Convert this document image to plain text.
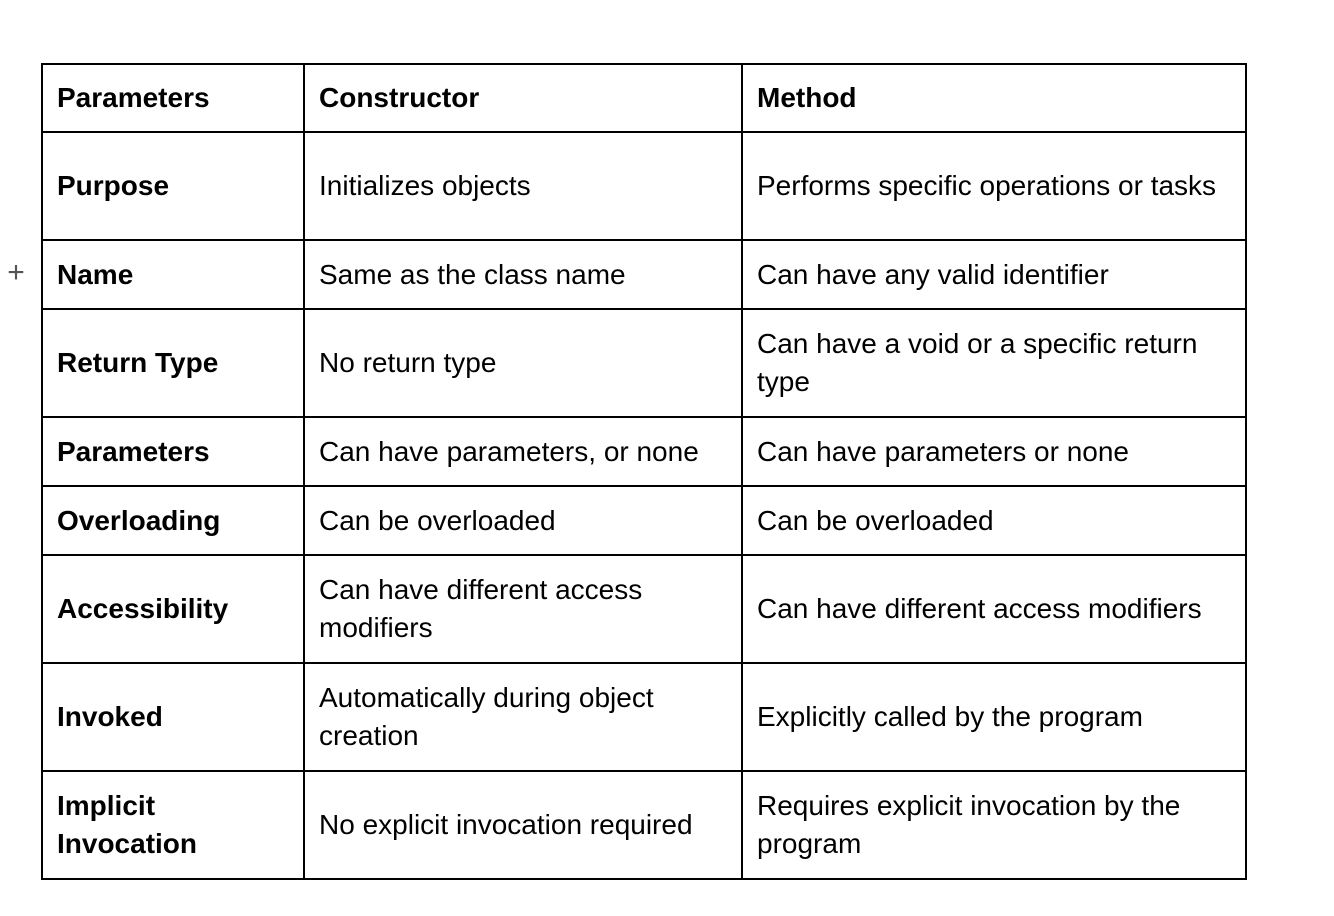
+
Parameters	Constructor	Method
Purpose	Initializes objects	Performs specific operations or tasks
Name	Same as the class name	Can have any valid identifier
Return Type	No return type	Can have a void or a specific return type
Parameters	Can have parameters, or none	Can have parameters or none
Overloading	Can be overloaded	Can be overloaded
Accessibility	Can have different access modifiers	Can have different access modifiers
Invoked	Automatically during object creation	Explicitly called by the program
Implicit Invocation	No explicit invocation required	Requires explicit invocation by the program
